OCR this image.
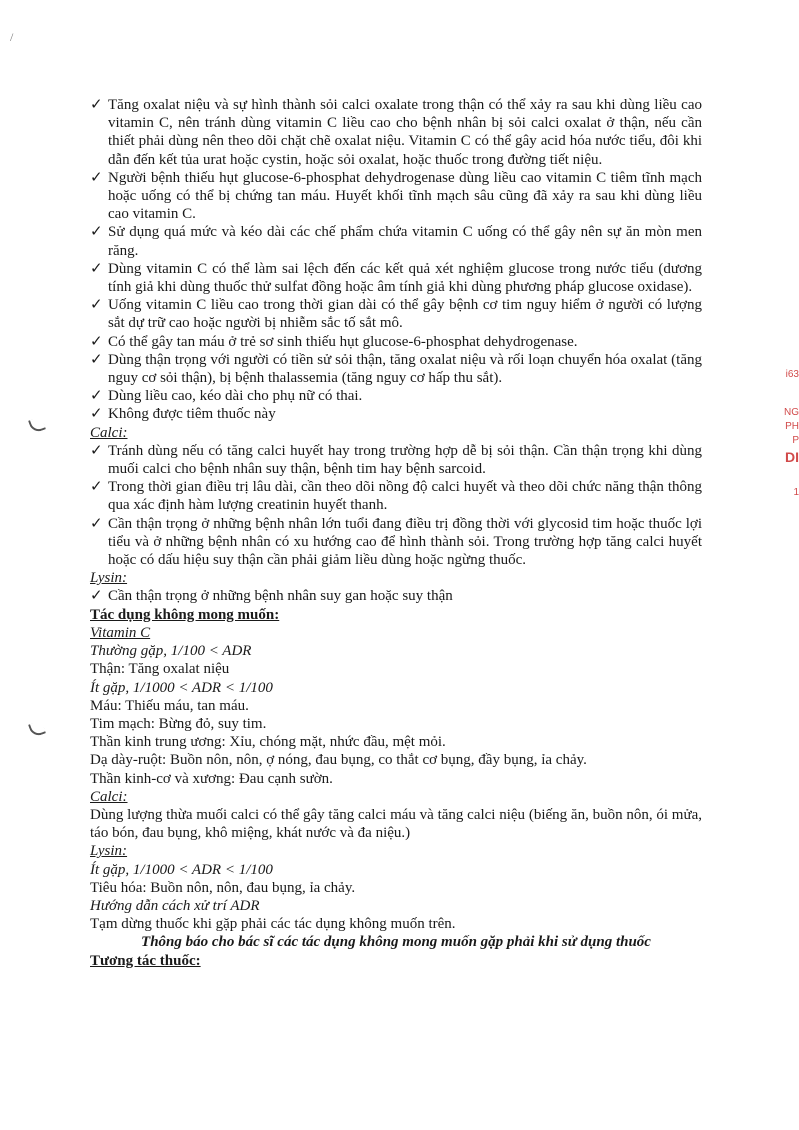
✓ Tăng oxalat niệu và sự hình thành sỏi calci oxalate trong thận có thể xảy ra sau khi dùng liều cao vitamin C, nên tránh dùng vitamin C liều cao cho bệnh nhân bị sỏi calci oxalat ở thận, nếu cần thiết phải dùng nên theo dõi chặt chẽ oxalat niệu. Vitamin C có thể gây acid hóa nước tiểu, đôi khi dẫn đến kết tủa urat hoặc cystin, hoặc sỏi oxalat, hoặc thuốc trong đường tiết niệu.
✓ Người bệnh thiếu hụt glucose-6-phosphat dehydrogenase dùng liều cao vitamin C tiêm tĩnh mạch hoặc uống có thể bị chứng tan máu. Huyết khối tĩnh mạch sâu cũng đã xảy ra sau khi dùng liều cao vitamin C.
✓ Sử dụng quá mức và kéo dài các chế phẩm chứa vitamin C uống có thể gây nên sự ăn mòn men răng.
✓ Dùng vitamin C có thể làm sai lệch đến các kết quả xét nghiệm glucose trong nước tiểu (dương tính giả khi dùng thuốc thử sulfat đồng hoặc âm tính giả khi dùng phương pháp glucose oxidase).
✓ Uống vitamin C liều cao trong thời gian dài có thể gây bệnh cơ tim nguy hiểm ở người có lượng sắt dự trữ cao hoặc người bị nhiễm sắc tố sắt mô.
✓ Có thể gây tan máu ở trẻ sơ sinh thiếu hụt glucose-6-phosphat dehydrogenase.
✓ Dùng thận trọng với người có tiền sử sỏi thận, tăng oxalat niệu và rối loạn chuyển hóa oxalat (tăng nguy cơ sỏi thận), bị bệnh thalassemia (tăng nguy cơ hấp thu sắt).
✓ Dùng liều cao, kéo dài cho phụ nữ có thai.
✓ Không được tiêm thuốc này
Calci:
✓ Tránh dùng nếu có tăng calci huyết hay trong trường hợp dễ bị sỏi thận. Cần thận trọng khi dùng muối calci cho bệnh nhân suy thận, bệnh tim hay bệnh sarcoid.
✓ Trong thời gian điều trị lâu dài, cần theo dõi nồng độ calci huyết và theo dõi chức năng thận thông qua xác định hàm lượng creatinin huyết thanh.
✓ Cần thận trọng ở những bệnh nhân lớn tuổi đang điều trị đồng thời với glycosid tim hoặc thuốc lợi tiểu và ở những bệnh nhân có xu hướng cao để hình thành sỏi. Trong trường hợp tăng calci huyết hoặc có dấu hiệu suy thận cần phải giảm liều dùng hoặc ngừng thuốc.
Lysin:
✓ Cần thận trọng ở những bệnh nhân suy gan hoặc suy thận
Tác dụng không mong muốn:
Vitamin C
Thường gặp, 1/100 < ADR
Thận: Tăng oxalat niệu
Ít gặp, 1/1000 < ADR < 1/100
Máu: Thiếu máu, tan máu.
Tim mạch: Bừng đỏ, suy tim.
Thần kinh trung ương: Xỉu, chóng mặt, nhức đầu, mệt mỏi.
Dạ dày-ruột: Buồn nôn, nôn, ợ nóng, đau bụng, co thắt cơ bụng, đầy bụng, ỉa chảy.
Thần kinh-cơ và xương: Đau cạnh sườn.
Calci:
Dùng lượng thừa muối calci có thể gây tăng calci máu và tăng calci niệu (biếng ăn, buồn nôn, ói mửa, táo bón, đau bụng, khô miệng, khát nước và đa niệu.)
Lysin:
Ít gặp, 1/1000 < ADR < 1/100
Tiêu hóa: Buồn nôn, nôn, đau bụng, ỉa chảy.
Hướng dẫn cách xử trí ADR
Tạm dừng thuốc khi gặp phải các tác dụng không muốn trên.
Thông báo cho bác sĩ các tác dụng không mong muốn gặp phải khi sử dụng thuốc
Tương tác thuốc:
/
i63
NG
PH
P
DI
1
